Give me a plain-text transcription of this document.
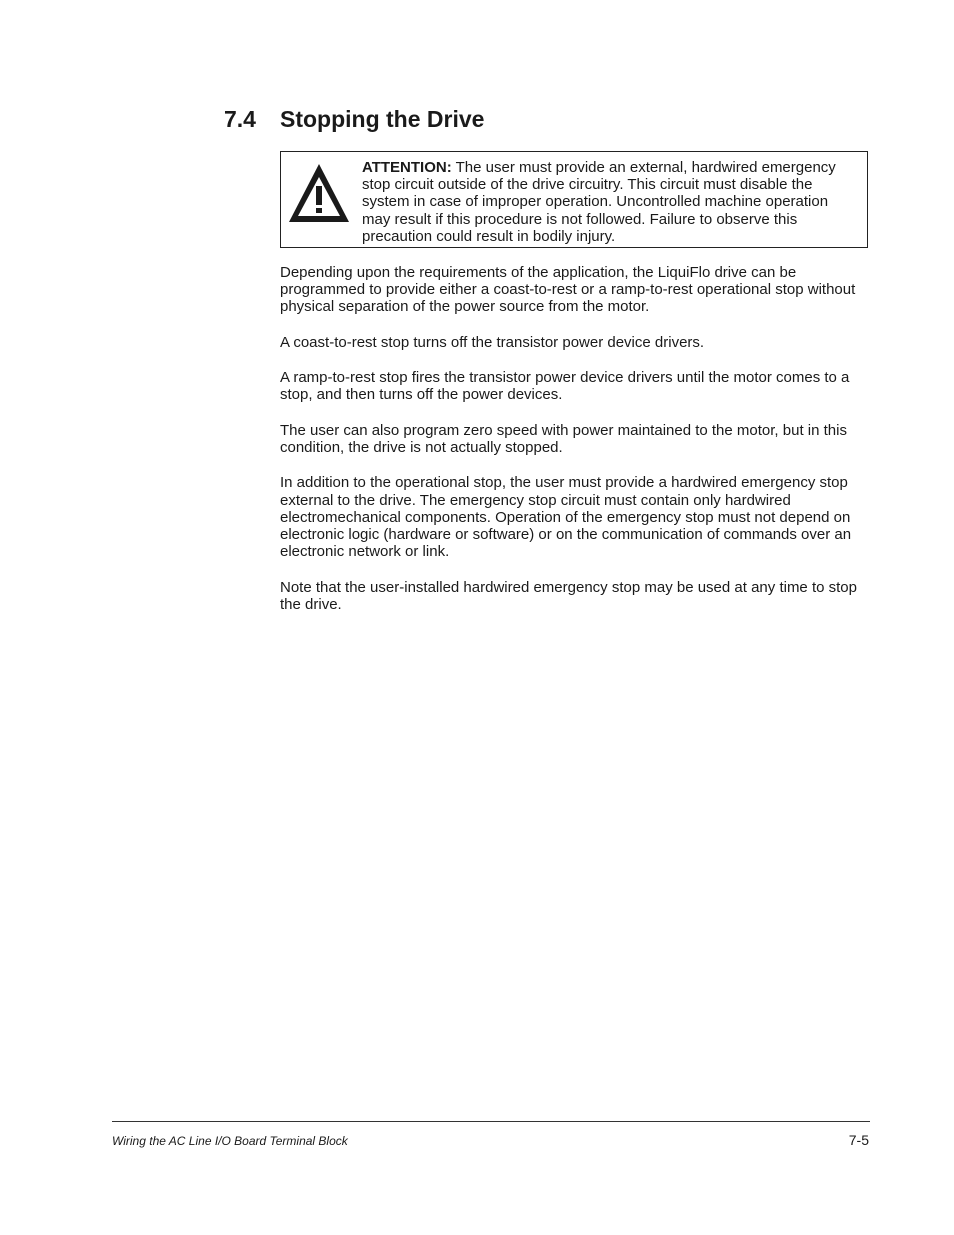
7.4 Stopping the Drive
ATTENTION: The user must provide an external, hardwired emergency stop circuit outside of the drive circuitry. This circuit must disable the system in case of improper operation. Uncontrolled machine operation may result if this procedure is not followed. Failure to observe this precaution could result in bodily injury.

Depending upon the requirements of the application, the LiquiFlo drive can be programmed to provide either a coast-to-rest or a ramp-to-rest operational stop without physical separation of the power source from the motor.

A coast-to-rest stop turns off the transistor power device drivers.

A ramp-to-rest stop fires the transistor power device drivers until the motor comes to a stop, and then turns off the power devices.

The user can also program zero speed with power maintained to the motor, but in this condition, the drive is not actually stopped.

In addition to the operational stop, the user must provide a hardwired emergency stop external to the drive. The emergency stop circuit must contain only hardwired electromechanical components. Operation of the emergency stop must not depend on electronic logic (hardware or software) or on the communication of commands over an electronic network or link.

Note that the user-installed hardwired emergency stop may be used at any time to stop the drive.

Wiring the AC Line I/O Board Terminal Block	7-5
